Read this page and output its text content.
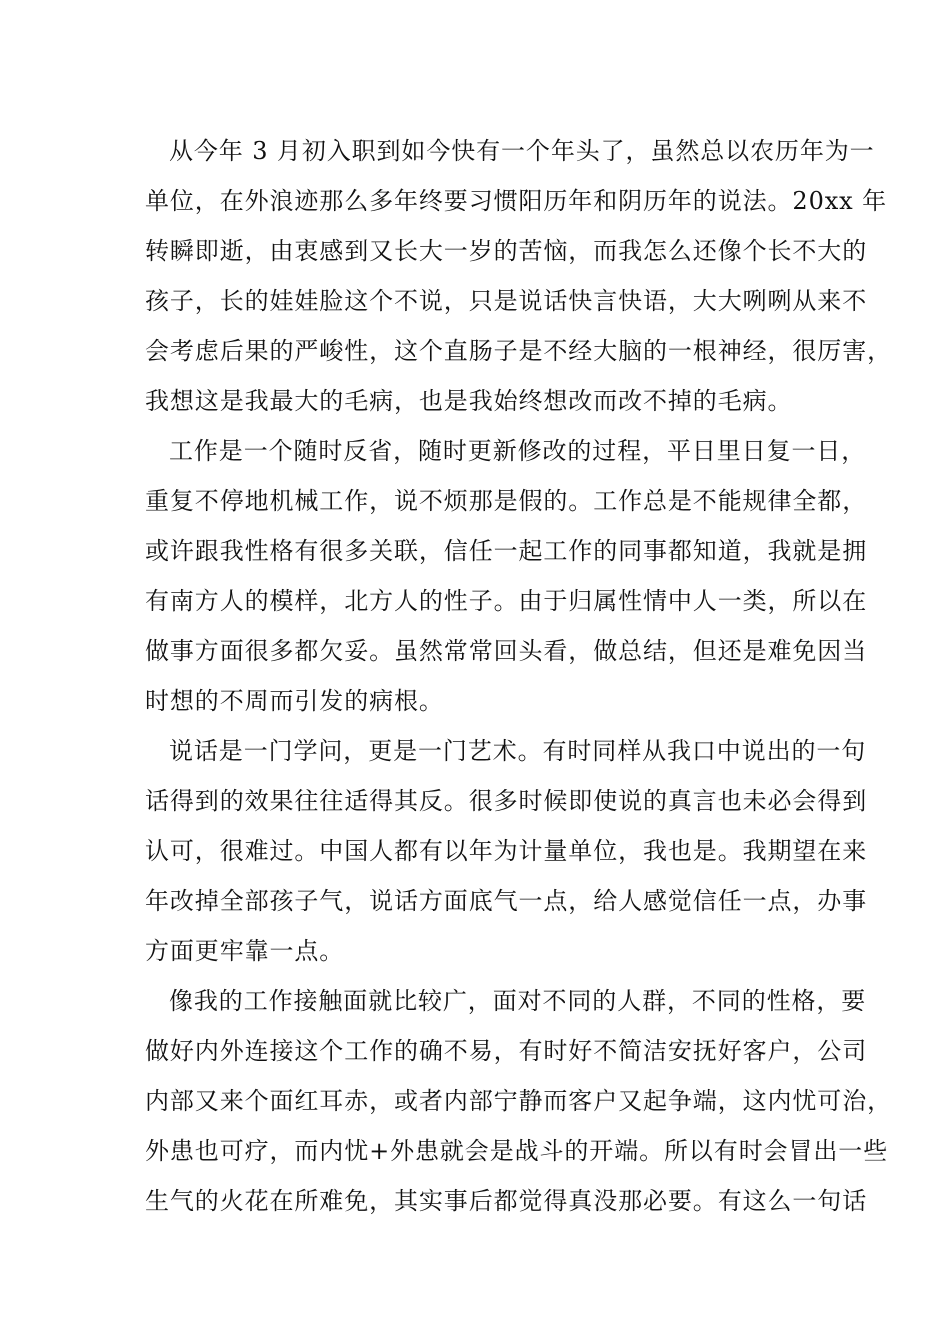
从今年 3 月初入职到如今快有一个年头了，虽然总以农历年为一
单位，在外浪迹那么多年终要习惯阳历年和阴历年的说法。20xx 年
转瞬即逝，由衷感到又长大一岁的苦恼，而我怎么还像个长不大的
孩子，长的娃娃脸这个不说，只是说话快言快语，大大咧咧从来不
会考虑后果的严峻性，这个直肠子是不经大脑的一根神经，很厉害，
我想这是我最大的毛病，也是我始终想改而改不掉的毛病。
工作是一个随时反省，随时更新修改的过程，平日里日复一日，
重复不停地机械工作，说不烦那是假的。工作总是不能规律全都，
或许跟我性格有很多关联，信任一起工作的同事都知道，我就是拥
有南方人的模样，北方人的性子。由于归属性情中人一类，所以在
做事方面很多都欠妥。虽然常常回头看，做总结，但还是难免因当
时想的不周而引发的病根。
说话是一门学问，更是一门艺术。有时同样从我口中说出的一句
话得到的效果往往适得其反。很多时候即使说的真言也未必会得到
认可，很难过。中国人都有以年为计量单位，我也是。我期望在来
年改掉全部孩子气，说话方面底气一点，给人感觉信任一点，办事
方面更牢靠一点。
像我的工作接触面就比较广，面对不同的人群，不同的性格，要
做好内外连接这个工作的确不易，有时好不简洁安抚好客户，公司
内部又来个面红耳赤，或者内部宁静而客户又起争端，这内忧可治，
外患也可疗，而内忧+外患就会是战斗的开端。所以有时会冒出一些
生气的火花在所难免，其实事后都觉得真没那必要。有这么一句话
